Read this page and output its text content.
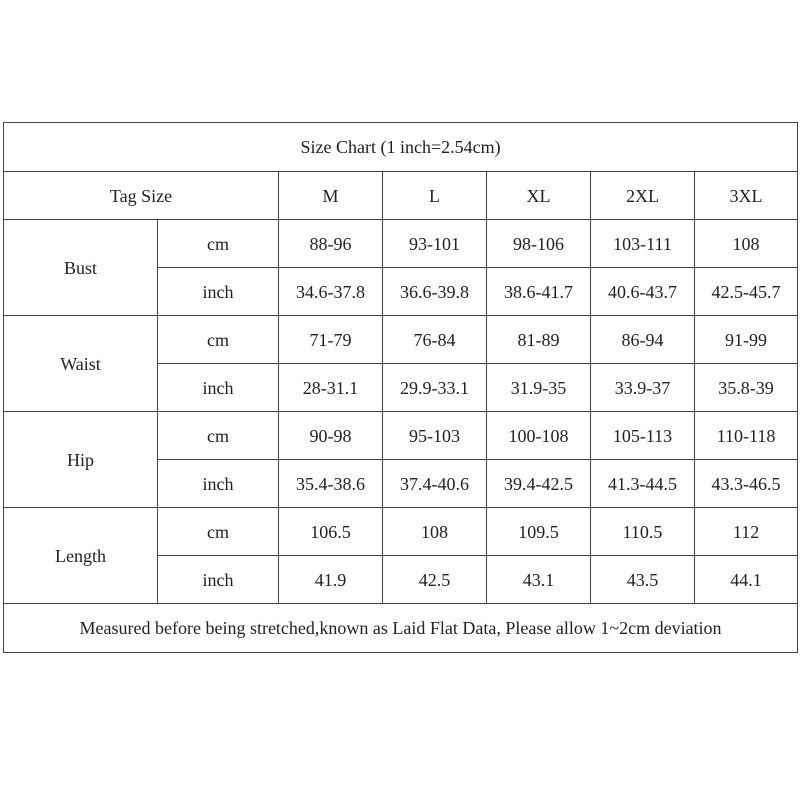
Size Chart (1 inch=2.54cm)						
Tag Size		M	L	XL	2XL	3XL
Bust	cm	88-96	93-101	98-106	103-111	108
	inch	34.6-37.8	36.6-39.8	38.6-41.7	40.6-43.7	42.5-45.7
Waist	cm	71-79	76-84	81-89	86-94	91-99
	inch	28-31.1	29.9-33.1	31.9-35	33.9-37	35.8-39
Hip	cm	90-98	95-103	100-108	105-113	110-118
	inch	35.4-38.6	37.4-40.6	39.4-42.5	41.3-44.5	43.3-46.5
Length	cm	106.5	108	109.5	110.5	112
	inch	41.9	42.5	43.1	43.5	44.1
Measured before being stretched,known as Laid Flat Data, Please allow 1~2cm deviation						
